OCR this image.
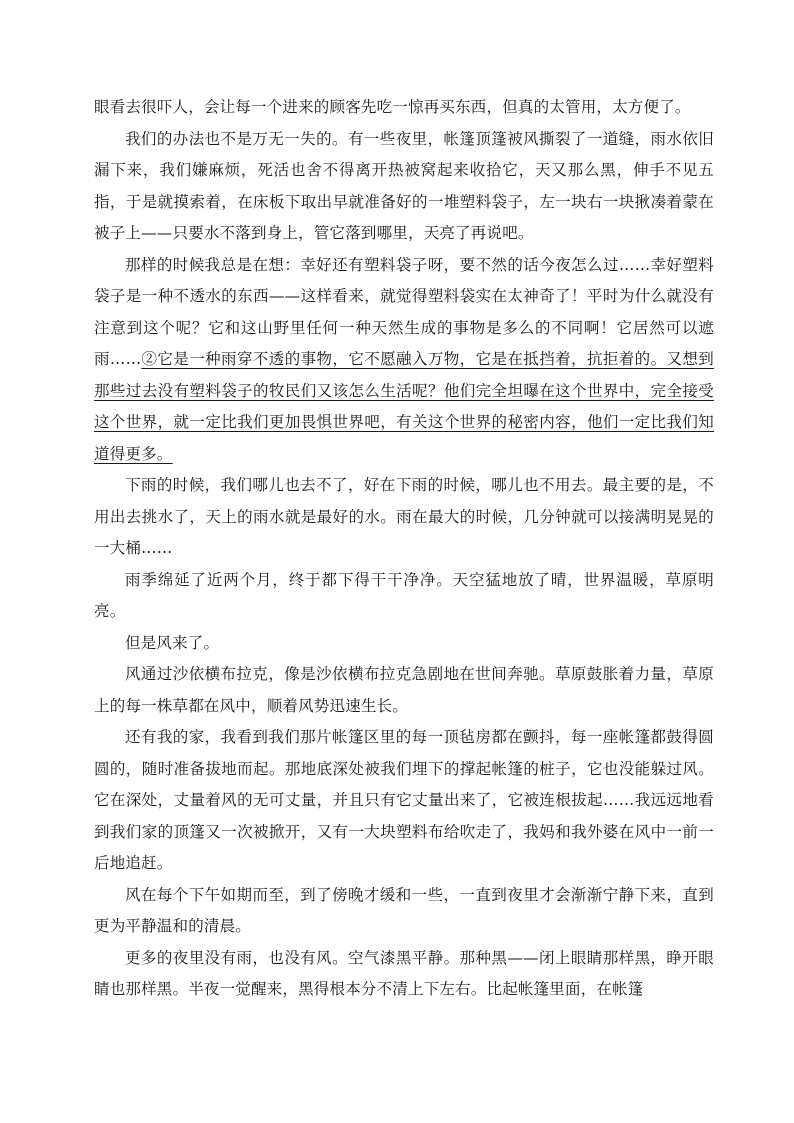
眼看去很吓人，会让每一个进来的顾客先吃一惊再买东西，但真的太管用，太方便了。

我们的办法也不是万无一失的。有一些夜里，帐篷顶篷被风撕裂了一道缝，雨水依旧漏下来，我们嫌麻烦，死活也舍不得离开热被窝起来收拾它，天又那么黑，伸手不见五指，于是就摸索着，在床板下取出早就准备好的一堆塑料袋子，左一块右一块揪凑着蒙在被子上——只要水不落到身上，管它落到哪里，天亮了再说吧。

那样的时候我总是在想：幸好还有塑料袋子呀，要不然的话今夜怎么过……幸好塑料袋子是一种不透水的东西——这样看来，就觉得塑料袋实在太神奇了！平时为什么就没有注意到这个呢？它和这山野里任何一种天然生成的事物是多么的不同啊！它居然可以遮雨……②它是一种雨穿不透的事物，它不愿融入万物，它是在抵挡着，抗拒着的。又想到那些过去没有塑料袋子的牧民们又该怎么生活呢？他们完全坦曝在这个世界中，完全接受这个世界，就一定比我们更加畏惧世界吧，有关这个世界的秘密内容，他们一定比我们知道得更多。

下雨的时候，我们哪儿也去不了，好在下雨的时候，哪儿也不用去。最主要的是，不用出去挑水了，天上的雨水就是最好的水。雨在最大的时候，几分钟就可以接满明晃晃的一大桶……

雨季绵延了近两个月，终于都下得干干净净。天空猛地放了晴，世界温暖，草原明亮。

但是风来了。

风通过沙依横布拉克，像是沙依横布拉克急剧地在世间奔驰。草原鼓胀着力量，草原上的每一株草都在风中，顺着风势迅速生长。

还有我的家，我看到我们那片帐篷区里的每一顶毡房都在颤抖，每一座帐篷都鼓得圆圆的，随时准备拔地而起。那地底深处被我们埋下的撑起帐篷的桩子，它也没能躲过风。它在深处，丈量着风的无可丈量，并且只有它丈量出来了，它被连根拔起……我远远地看到我们家的顶篷又一次被掀开，又有一大块塑料布给吹走了，我妈和我外婆在风中一前一后地追赶。

风在每个下午如期而至，到了傍晚才缓和一些，一直到夜里才会渐渐宁静下来，直到更为平静温和的清晨。

更多的夜里没有雨，也没有风。空气漆黑平静。那种黑——闭上眼睛那样黑，睁开眼睛也那样黑。半夜一觉醒来，黑得根本分不清上下左右。比起帐篷里面，在帐篷
